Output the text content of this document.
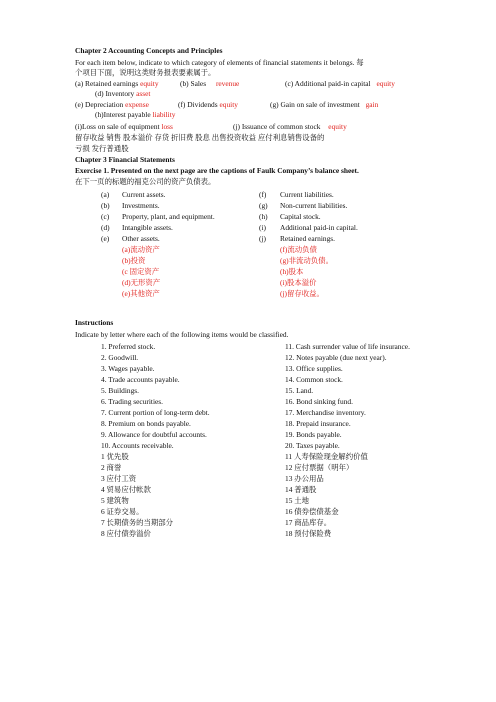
Chapter 2 Accounting Concepts and Principles
For each item below, indicate to which category of elements of financial statements it belongs. 每
个项目下面，说明这类财务报表要素属于。
(a) Retained earnings equity	(b) Sales revenue	(c) Additional paid-in capital equity
(d) Inventory asset
(e) Depreciation expense	(f) Dividends equity	(g) Gain on sale of investment gain
(h)Interest payable liability
(i)Loss on sale of equipment loss	(j) Issuance of common stock equity
留存收益 销售 股本溢价 存货 折旧费 股息 出售投资收益 应付利息销售设备的
亏损 发行普通股
Chapter 3 Financial Statements
Exercise 1. Presented on the next page are the captions of Faulk Company’s balance sheet.
在下一页的标题的福克公司的资产负债表。
(a) Current assets.
(b) Investments.
(c) Property, plant, and equipment.
(d) Intangible assets.
(e) Other assets.
(f) Current liabilities.
(g) Non-current liabilities.
(h) Capital stock.
(i) Additional paid-in capital.
(j) Retained earnings.
(a)流动资产
(b)投资
(c 固定资产
(d)无形资产
(e)其他资产
(f)流动负债
(g)非流动负债。
(h)股本
(i)股本溢价
(j)留存收益。
Instructions
Indicate by letter where each of the following items would be classified.
1. Preferred stock.
2. Goodwill.
3. Wages payable.
4. Trade accounts payable.
5. Buildings.
6. Trading securities.
7. Current portion of long-term debt.
8. Premium on bonds payable.
9. Allowance for doubtful accounts.
10. Accounts receivable.
11. Cash surrender value of life insurance.
12. Notes payable (due next year).
13. Office supplies.
14. Common stock.
15. Land.
16. Bond sinking fund.
17. Merchandise inventory.
18. Prepaid insurance.
19. Bonds payable.
20. Taxes payable.
1 优先股
2 商誉
3 应付工资
4 贸易应付帐款
5 建筑物
6 证券交易。
7 长期债务的当期部分
8 应付债券溢价
11 人寿保险现金解约价值
12 应付票据（明年）
13 办公用品
14 普通股
15 土地
16 债券偿债基金
17 商品库存。
18 预付保险费
